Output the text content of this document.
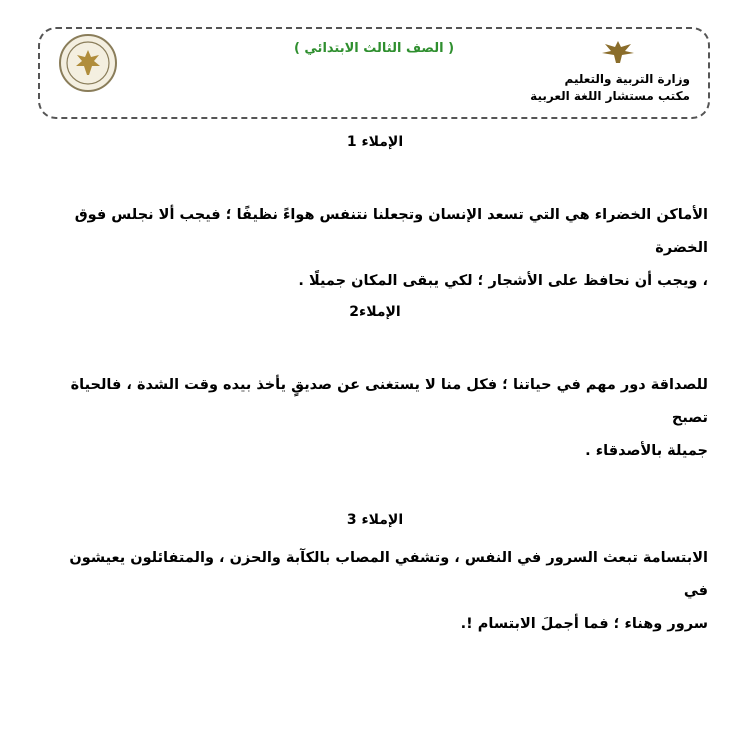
( الصف الثالث الابتدائي )
وزارة التربية والتعليم
مكتب مستشار اللغة العربية
الإملاء 1
الأماكن الخضراء هي التي تسعد الإنسان وتجعلنا نتنفس هواءً نظيفًا ؛ فيجب ألا نجلس فوق الخضرة
، ويجب أن نحافظ على الأشجار ؛ لكي يبقى المكان جميلًا .
الإملاء2
للصداقة دور مهم في حياتنا ؛ فكل منا لا يستغنى عن صديقٍ يأخذ بيده وقت الشدة ، فالحياة تصبح
جميلة بالأصدقاء .
الإملاء 3
الابتسامة تبعث السرور في النفس ، وتشفي المصاب بالكآبة والحزن ، والمتفائلون يعيشون في
سرور وهناء ؛ فما أجملَ الابتسام !.
